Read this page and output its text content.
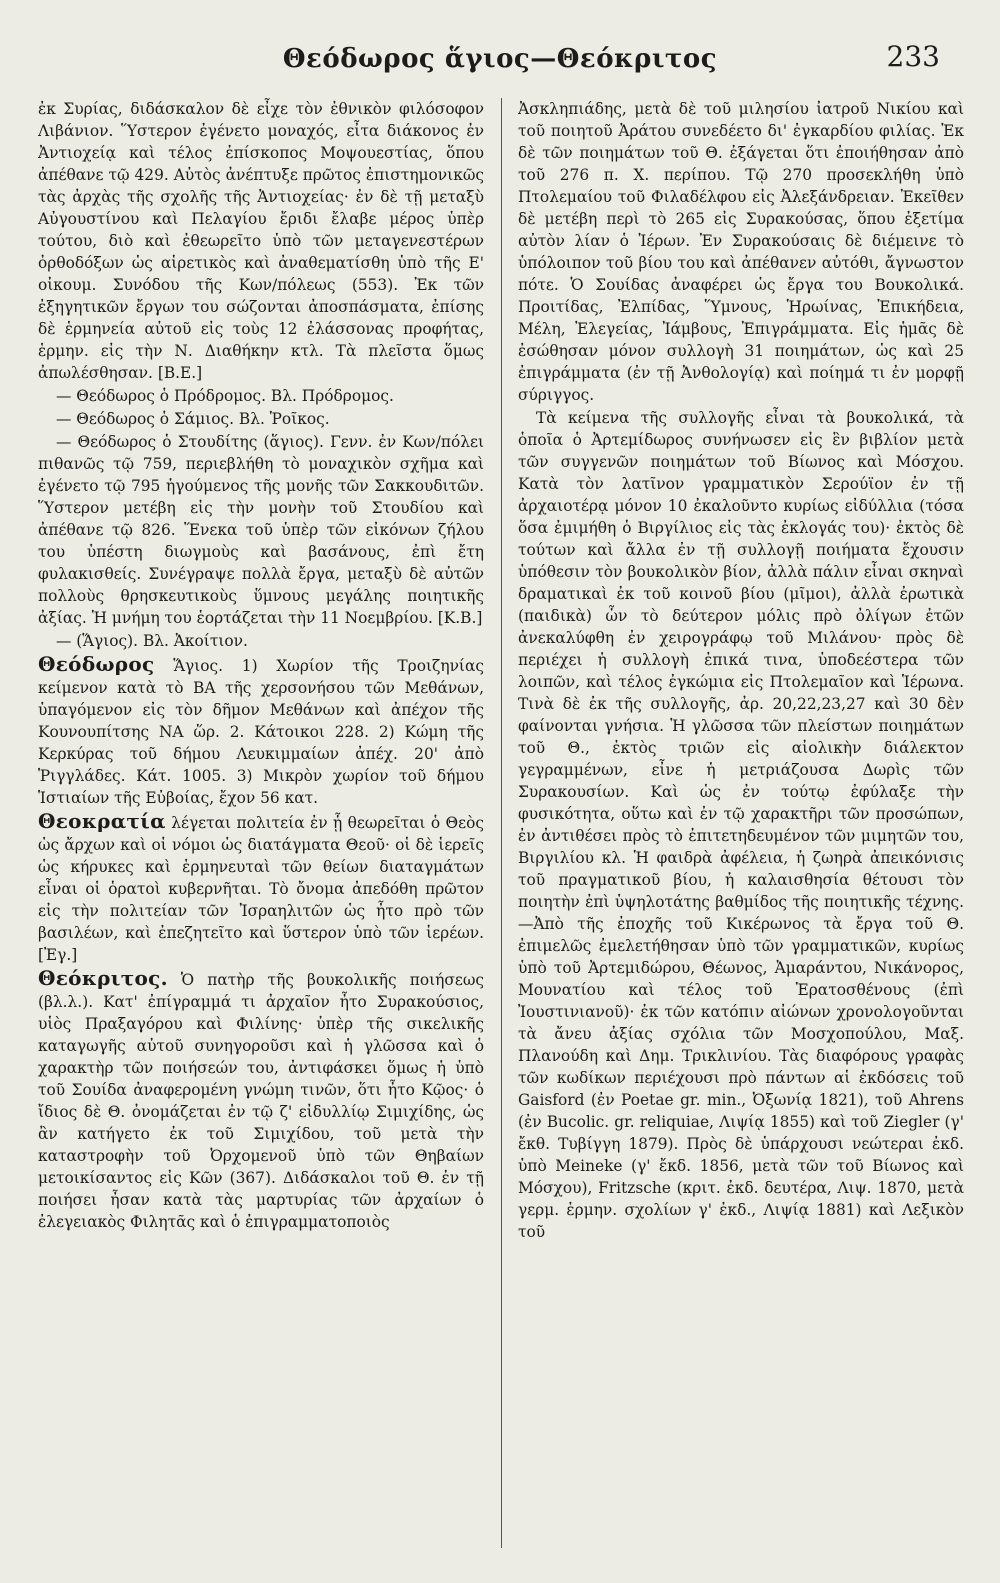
Θεόδωρος ἅγιος—Θεόκριτος	233

ἐκ Συρίας, διδάσκαλον δὲ εἶχε τὸν ἐθνικὸν φιλόσοφον Λιβάνιον. Ὕστερον ἐγένετο μοναχός, εἶτα διάκονος ἐν Ἀντιοχείᾳ καὶ τέλος ἐπίσκοπος Μοψουεστίας, ὅπου ἀπέθανε τῷ 429. Αὐτὸς ἀνέπτυξε πρῶτος ἐπιστημονικῶς τὰς ἀρχὰς τῆς σχολῆς τῆς Ἀντιοχείας· ἐν δὲ τῇ μεταξὺ Αὐγουστίνου καὶ Πελαγίου ἔριδι ἔλαβε μέρος ὑπὲρ τούτου, διὸ καὶ ἐθεωρεῖτο ὑπὸ τῶν μεταγενεστέρων ὀρθοδόξων ὡς αἱρετικὸς καὶ ἀναθεματίσθη ὑπὸ τῆς Ε' οἰκουμ. Συνόδου τῆς Κων/πόλεως (553). Ἐκ τῶν ἐξηγητικῶν ἔργων του σώζονται ἀποσπάσματα, ἐπίσης δὲ ἑρμηνεία αὐτοῦ εἰς τοὺς 12 ἐλάσσονας προφήτας, ἑρμην. εἰς τὴν Ν. Διαθήκην κτλ. Τὰ πλεῖστα ὅμως ἀπωλέσθησαν. [Β.Ε.]

— Θεόδωρος ὁ Πρόδρομος. Βλ. Πρόδρομος.

— Θεόδωρος ὁ Σάμιος. Βλ. Ῥοῖκος.

— Θεόδωρος ὁ Στουδίτης (ἅγιος). Γενν. ἐν Κων/πόλει πιθανῶς τῷ 759, περιεβλήθη τὸ μοναχικὸν σχῆμα καὶ ἐγένετο τῷ 795 ἡγούμενος τῆς μονῆς τῶν Σακκουδιτῶν. Ὕστερον μετέβη εἰς τὴν μονὴν τοῦ Στουδίου καὶ ἀπέθανε τῷ 826. Ἕνεκα τοῦ ὑπὲρ τῶν εἰκόνων ζήλου του ὑπέστη διωγμοὺς καὶ βασάνους, ἐπὶ ἔτη φυλακισθείς. Συνέγραψε πολλὰ ἔργα, μεταξὺ δὲ αὐτῶν πολλοὺς θρησκευτικοὺς ὕμνους μεγάλης ποιητικῆς ἀξίας. Ἡ μνήμη του ἑορτάζεται τὴν 11 Νοεμβρίου. [Κ.Β.]

— (Ἅγιος). Βλ. Ἀκοίτιον.

Θεόδωρος Ἅγιος. 1) Χωρίον τῆς Τροιζηνίας κείμενον κατὰ τὸ ΒΑ τῆς χερσονήσου τῶν Μεθάνων, ὑπαγόμενον εἰς τὸν δῆμον Μεθάνων καὶ ἀπέχον τῆς Κουνουπίτσης ΝΑ ὥρ. 2. Κάτοικοι 228. 2) Κώμη τῆς Κερκύρας τοῦ δήμου Λευκιμμαίων ἀπέχ. 20' ἀπὸ Ῥιγγλάδες. Κάτ. 1005. 3) Μικρὸν χωρίον τοῦ δήμου Ἱστιαίων τῆς Εὐβοίας, ἔχον 56 κατ.

Θεοκρατία λέγεται πολιτεία ἐν ᾗ θεωρεῖται ὁ Θεὸς ὡς ἄρχων καὶ οἱ νόμοι ὡς διατάγματα Θεοῦ· οἱ δὲ ἱερεῖς ὡς κήρυκες καὶ ἑρμηνευταὶ τῶν θείων διαταγμάτων εἶναι οἱ ὁρατοὶ κυβερνῆται. Τὸ ὄνομα ἀπεδόθη πρῶτον εἰς τὴν πολιτείαν τῶν Ἰσραηλιτῶν ὡς ἦτο πρὸ τῶν βασιλέων, καὶ ἐπεζητεῖτο καὶ ὕστερον ὑπὸ τῶν ἱερέων. [Ἐγ.]

Θεόκριτος. Ὁ πατὴρ τῆς βουκολικῆς ποιήσεως (βλ.λ.). Κατ' ἐπίγραμμά τι ἀρχαῖον ἦτο Συρακούσιος, υἱὸς Πραξαγόρου καὶ Φιλίνης· ὑπὲρ τῆς σικελικῆς καταγωγῆς αὐτοῦ συνηγοροῦσι καὶ ἡ γλῶσσα καὶ ὁ χαρακτὴρ τῶν ποιήσεών του, ἀντιφάσκει ὅμως ἡ ὑπὸ τοῦ Σουίδα ἀναφερομένη γνώμη τινῶν, ὅτι ἦτο Κῷος· ὁ ἴδιος δὲ Θ. ὀνομάζεται ἐν τῷ ζ' εἰδυλλίῳ Σιμιχίδης, ὡς ἂν κατήγετο ἐκ τοῦ Σιμιχίδου, τοῦ μετὰ τὴν καταστροφὴν τοῦ Ὀρχομενοῦ ὑπὸ τῶν Θηβαίων μετοικίσαντος εἰς Κῶν (367). Διδάσκαλοι τοῦ Θ. ἐν τῇ ποιήσει ἦσαν κατὰ τὰς μαρτυρίας τῶν ἀρχαίων ὁ ἐλεγειακὸς Φιλητᾶς καὶ ὁ ἐπιγραμματοποιὸς

Ἀσκληπιάδης, μετὰ δὲ τοῦ μιλησίου ἰατροῦ Νικίου καὶ τοῦ ποιητοῦ Ἀράτου συνεδέετο δι' ἐγκαρδίου φιλίας. Ἐκ δὲ τῶν ποιημάτων τοῦ Θ. ἐξάγεται ὅτι ἐποιήθησαν ἀπὸ τοῦ 276 π. Χ. περίπου. Τῷ 270 προσεκλήθη ὑπὸ Πτολεμαίου τοῦ Φιλαδέλφου εἰς Ἀλεξάνδρειαν. Ἐκεῖθεν δὲ μετέβη περὶ τὸ 265 εἰς Συρακούσας, ὅπου ἐξετίμα αὐτὸν λίαν ὁ Ἱέρων. Ἐν Συρακούσαις δὲ διέμεινε τὸ ὑπόλοιπον τοῦ βίου του καὶ ἀπέθανεν αὐτόθι, ἄγνωστον πότε. Ὁ Σουίδας ἀναφέρει ὡς ἔργα του Βουκολικά. Προιτίδας, Ἐλπίδας, Ὕμνους, Ἡρωίνας, Ἐπικήδεια, Μέλη, Ἐλεγείας, Ἰάμβους, Ἐπιγράμματα. Εἰς ἡμᾶς δὲ ἐσώθησαν μόνον συλλογὴ 31 ποιημάτων, ὡς καὶ 25 ἐπιγράμματα (ἐν τῇ Ἀνθολογίᾳ) καὶ ποίημά τι ἐν μορφῇ σύριγγος.

Τὰ κείμενα τῆς συλλογῆς εἶναι τὰ βουκολικά, τὰ ὁποῖα ὁ Ἀρτεμίδωρος συνήνωσεν εἰς ἓν βιβλίον μετὰ τῶν συγγενῶν ποιημάτων τοῦ Βίωνος καὶ Μόσχου. Κατὰ τὸν λατῖνον γραμματικὸν Σερούϊον ἐν τῇ ἀρχαιοτέρᾳ μόνον 10 ἐκαλοῦντο κυρίως εἰδύλλια (τόσα ὅσα ἐμιμήθη ὁ Βιργίλιος εἰς τὰς ἐκλογάς του)· ἐκτὸς δὲ τούτων καὶ ἄλλα ἐν τῇ συλλογῇ ποιήματα ἔχουσιν ὑπόθεσιν τὸν βουκολικὸν βίον, ἀλλὰ πάλιν εἶναι σκηναὶ δραματικαὶ ἐκ τοῦ κοινοῦ βίου (μῖμοι), ἀλλὰ ἐρωτικὰ (παιδικὰ) ὧν τὸ δεύτερον μόλις πρὸ ὀλίγων ἐτῶν ἀνεκαλύφθη ἐν χειρογράφῳ τοῦ Μιλάνου· πρὸς δὲ περιέχει ἡ συλλογὴ ἐπικά τινα, ὑποδεέστερα τῶν λοιπῶν, καὶ τέλος ἐγκώμια εἰς Πτολεμαῖον καὶ Ἱέρωνα. Τινὰ δὲ ἐκ τῆς συλλογῆς, ἀρ. 20,22,23,27 καὶ 30 δὲν φαίνονται γνήσια. Ἡ γλῶσσα τῶν πλείστων ποιημάτων τοῦ Θ., ἐκτὸς τριῶν εἰς αἰολικὴν διάλεκτον γεγραμμένων, εἶνε ἡ μετριάζουσα Δωρὶς τῶν Συρακουσίων. Καὶ ὡς ἐν τούτῳ ἐφύλαξε τὴν φυσικότητα, οὕτω καὶ ἐν τῷ χαρακτῆρι τῶν προσώπων, ἐν ἀντιθέσει πρὸς τὸ ἐπιτετηδευμένον τῶν μιμητῶν του, Βιργιλίου κλ. Ἡ φαιδρὰ ἀφέλεια, ἡ ζωηρὰ ἀπεικόνισις τοῦ πραγματικοῦ βίου, ἡ καλαισθησία θέτουσι τὸν ποιητὴν ἐπὶ ὑψηλοτάτης βαθμίδος τῆς ποιητικῆς τέχνης.—Ἀπὸ τῆς ἐποχῆς τοῦ Κικέρωνος τὰ ἔργα τοῦ Θ. ἐπιμελῶς ἐμελετήθησαν ὑπὸ τῶν γραμματικῶν, κυρίως ὑπὸ τοῦ Ἀρτεμιδώρου, Θέωνος, Ἀμαράντου, Νικάνορος, Μουνατίου καὶ τέλος τοῦ Ἐρατοσθένους (ἐπὶ Ἰουστινιανοῦ)· ἐκ τῶν κατόπιν αἰώνων χρονολογοῦνται τὰ ἄνευ ἀξίας σχόλια τῶν Μοσχοπούλου, Μαξ. Πλανούδη καὶ Δημ. Τρικλινίου. Τὰς διαφόρους γραφὰς τῶν κωδίκων περιέχουσι πρὸ πάντων αἱ ἐκδόσεις τοῦ Gaisford (ἐν Poetae gr. min., Ὀξωνίᾳ 1821), τοῦ Ahrens (ἐν Bucolic. gr. reliquiae, Λιψίᾳ 1855) καὶ τοῦ Ziegler (γ' ἔκθ. Τυβίγγη 1879). Πρὸς δὲ ὑπάρχουσι νεώτεραι ἐκδ. ὑπὸ Meineke (γ' ἔκδ. 1856, μετὰ τῶν τοῦ Βίωνος καὶ Μόσχου), Fritzsche (κριτ. ἐκδ. δευτέρα, Λιψ. 1870, μετὰ γερμ. ἑρμην. σχολίων γ' ἐκδ., Λιψίᾳ 1881) καὶ Λεξικὸν τοῦ
